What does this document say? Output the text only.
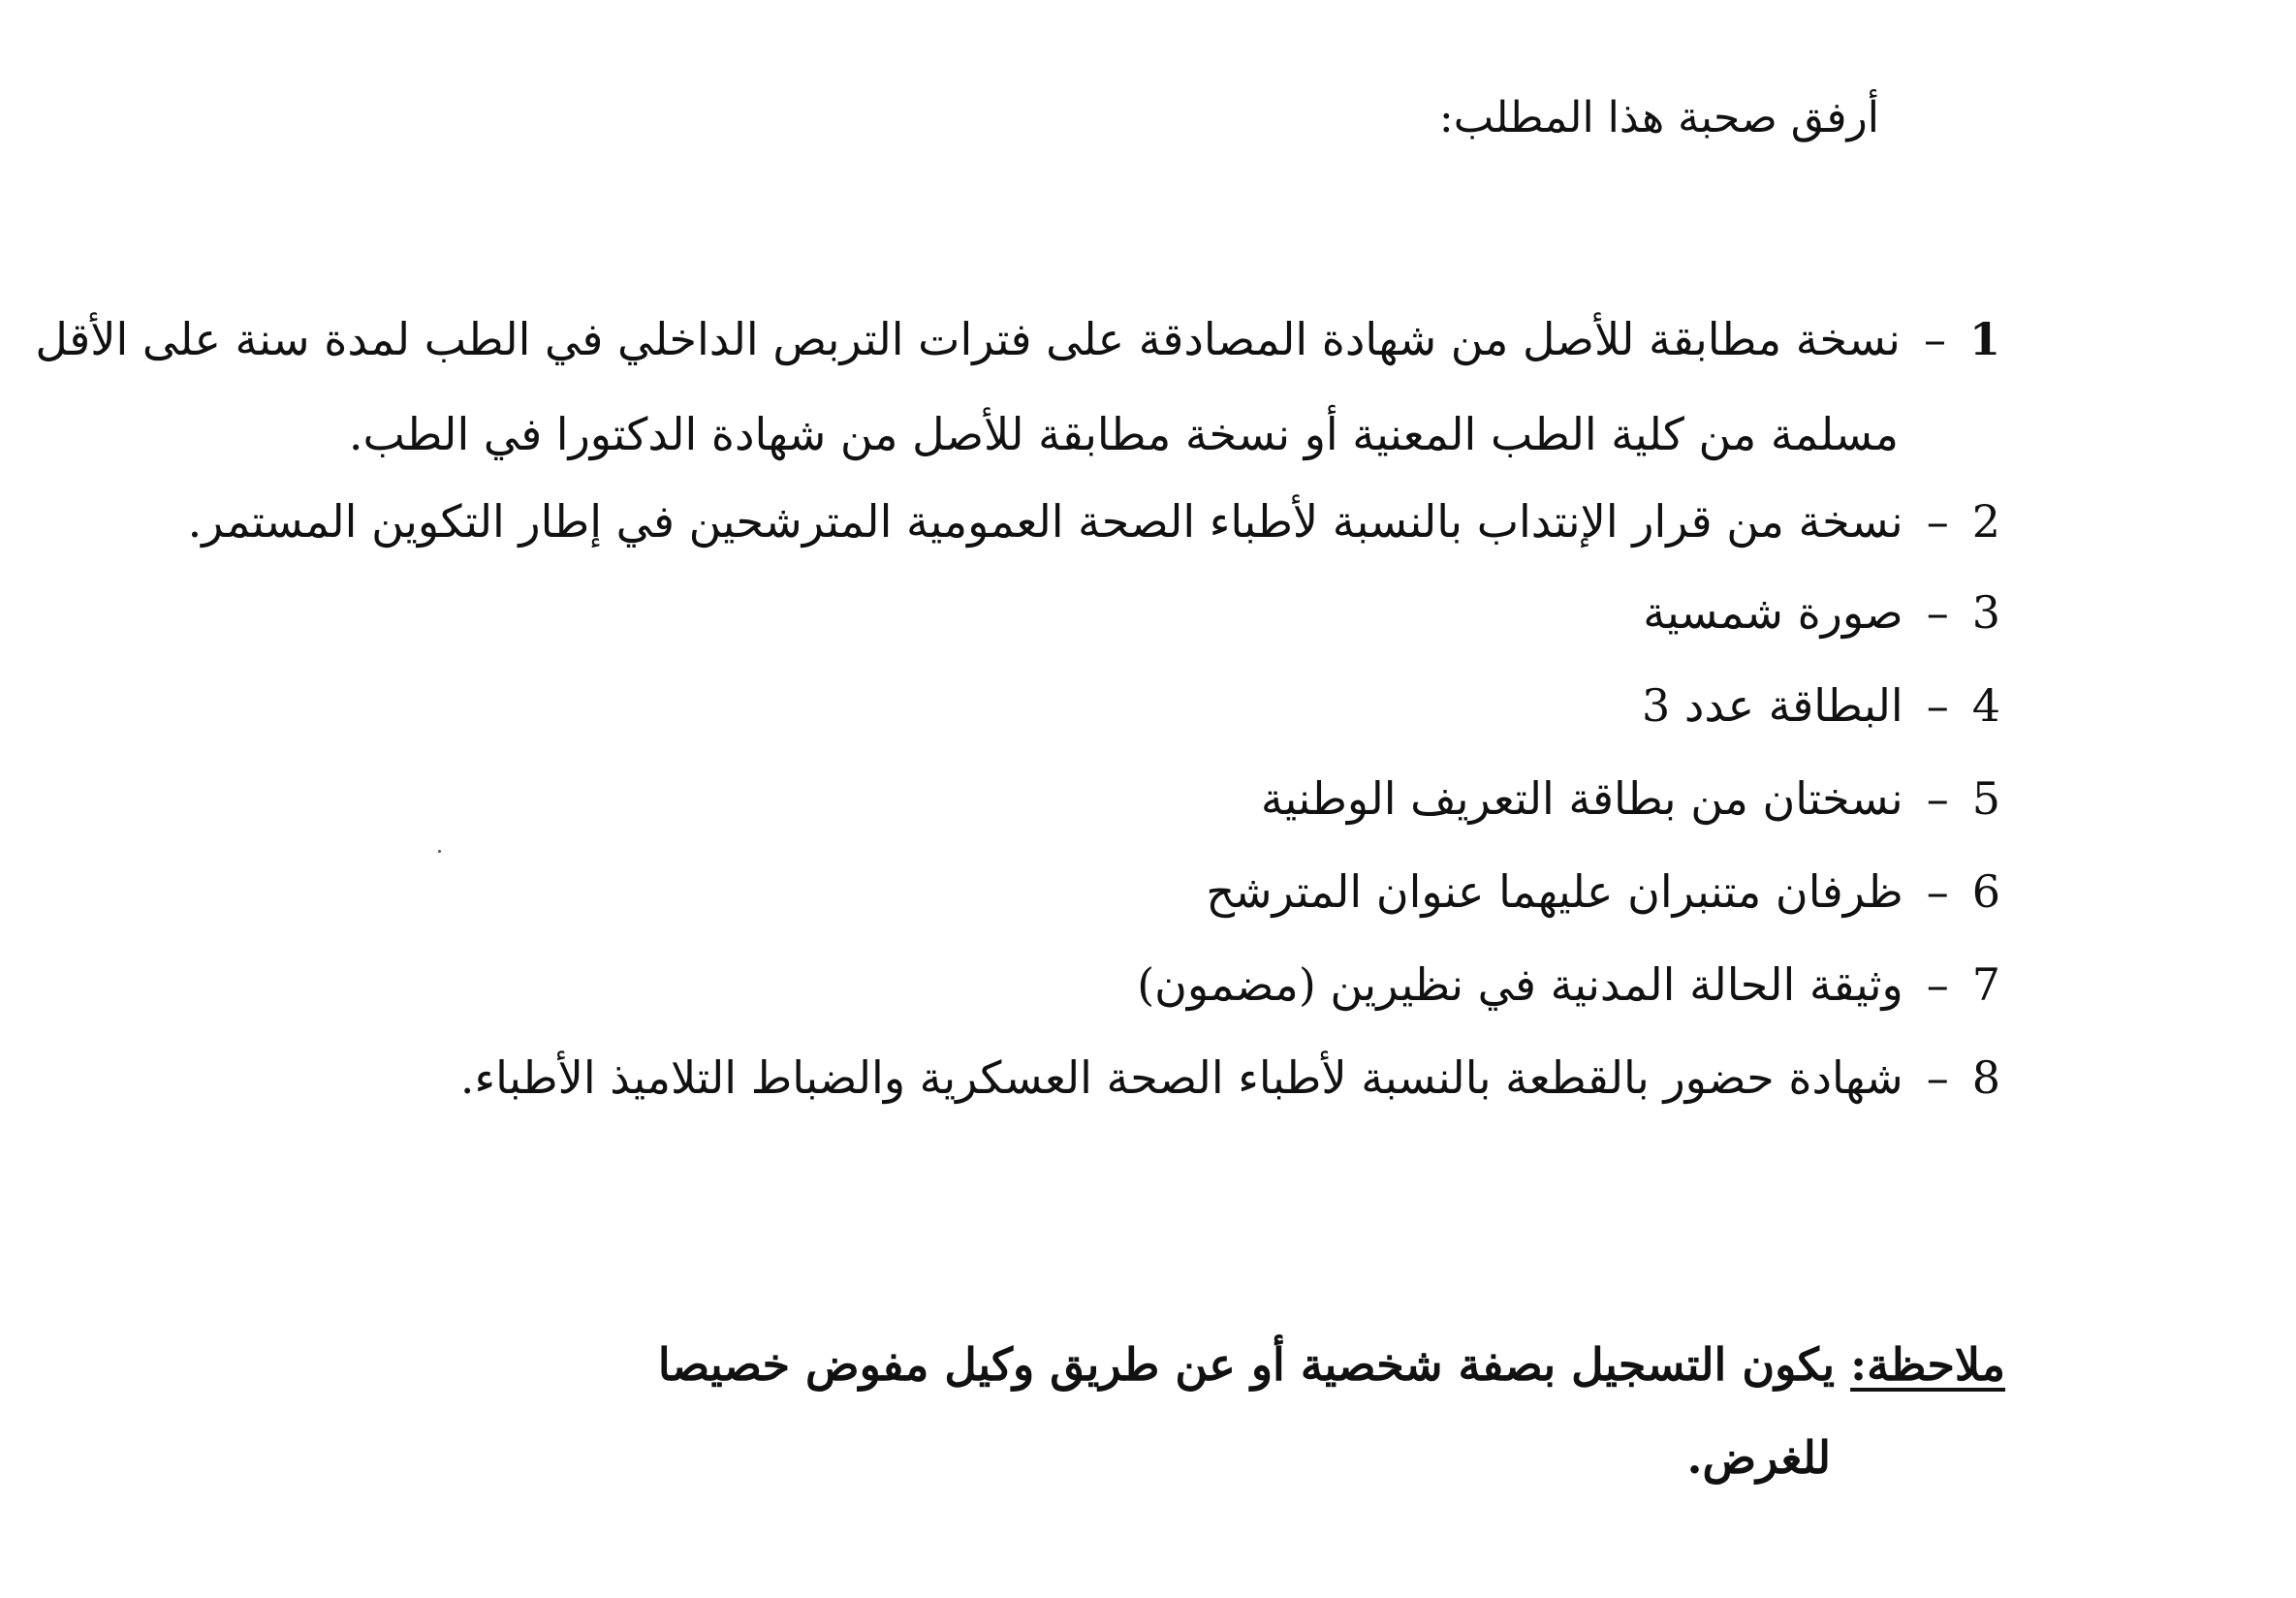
أرفق صحبة هذا المطلب:
1–نسخة مطابقة للأصل من شهادة المصادقة على فترات التربص الداخلي في الطب لمدة سنة على الأقل
مسلمة من كلية الطب المعنية أو نسخة مطابقة للأصل من شهادة الدكتورا في الطب.
2–نسخة من قرار الإنتداب بالنسبة لأطباء الصحة العمومية المترشحين في إطار التكوين المستمر.
3–صورة شمسية
4–البطاقة عدد 3
5–نسختان من بطاقة التعريف الوطنية
6–ظرفان متنبران عليهما عنوان المترشح
7–وثيقة الحالة المدنية في نظيرين (مضمون)
8–شهادة حضور بالقطعة بالنسبة لأطباء الصحة العسكرية والضباط التلاميذ الأطباء.
ملاحظة: يكون التسجيل بصفة شخصية أو عن طريق وكيل مفوض خصيصا
للغرض.
